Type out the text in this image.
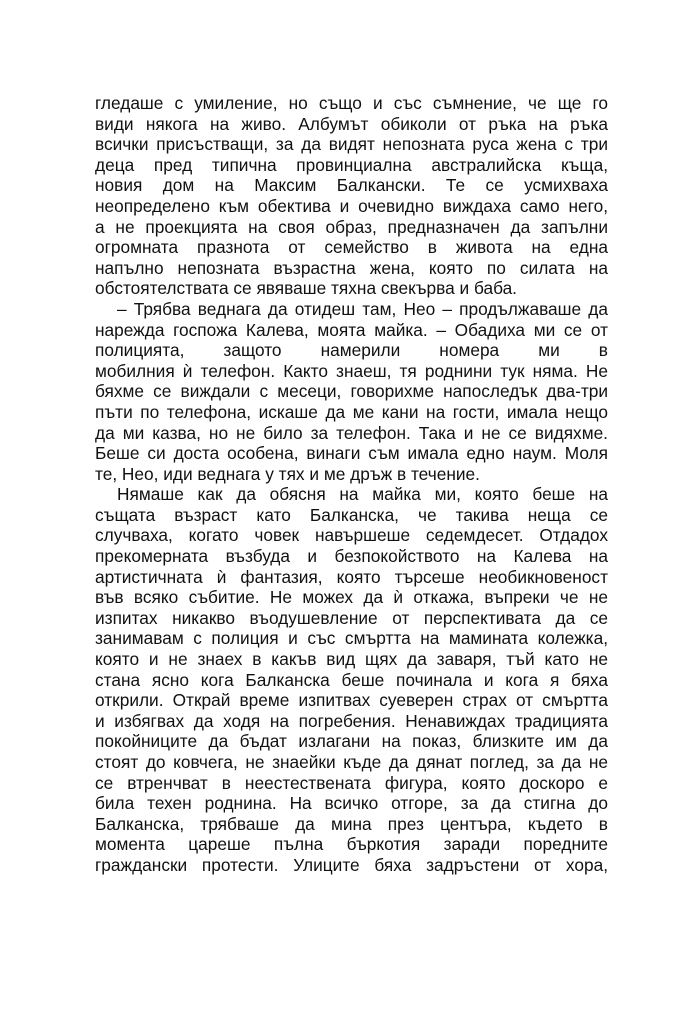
гледаше с умиление, но също и със съмнение, че ще го
види някога на живо. Албумът обиколи от ръка на ръка
всички присъстващи, за да видят непозната руса жена с три
деца пред типична провинциална австралийска къща,
новия дом на Максим Балкански. Те се усмихваха
неопределено към обектива и очевидно виждаха само него,
а не проекцията на своя образ, предназначен да запълни
огромната празнота от семейство в живота на една
напълно непозната възрастна жена, която по силата на
обстоятелствата се явяваше тяхна свекърва и баба.

– Трябва веднага да отидеш там, Нео – продължаваше да
нарежда госпожа Калева, моята майка. – Обадиха ми се от
полицията, защото намерили номера ми в
мобилния ѝ телефон. Както знаеш, тя роднини тук няма. Не
бяхме се виждали с месеци, говорихме напоследък два-три
пъти по телефона, искаше да ме кани на гости, имала нещо
да ми казва, но не било за телефон. Така и не се видяхме.
Беше си доста особена, винаги съм имала едно наум. Моля
те, Нео, иди веднага у тях и ме дръж в течение.

Нямаше как да обясня на майка ми, която беше на
същата възраст като Балканска, че такива неща се
случваха, когато човек навършеше седемдесет. Отдадох
прекомерната възбуда и безпокойството на Калева на
артистичната ѝ фантазия, която търсеше необикновеност
във всяко събитие. Не можех да ѝ откажа, въпреки че не
изпитах никакво въодушевление от перспективата да се
занимавам с полиция и със смъртта на мамината колежка,
която и не знаех в какъв вид щях да заваря, тъй като не
стана ясно кога Балканска беше починала и кога я бяха
открили. Открай време изпитвах суеверен страх от смъртта
и избягвах да ходя на погребения. Ненавиждах традицията
покойниците да бъдат излагани на показ, близките им да
стоят до ковчега, не знаейки къде да дянат поглед, за да не
се втренчват в неестествената фигура, която доскоро е
била техен роднина. На всичко отгоре, за да стигна до
Балканска, трябваше да мина през центъра, където в
момента цареше пълна бъркотия заради поредните
граждански протести. Улиците бяха задръстени от хора,
